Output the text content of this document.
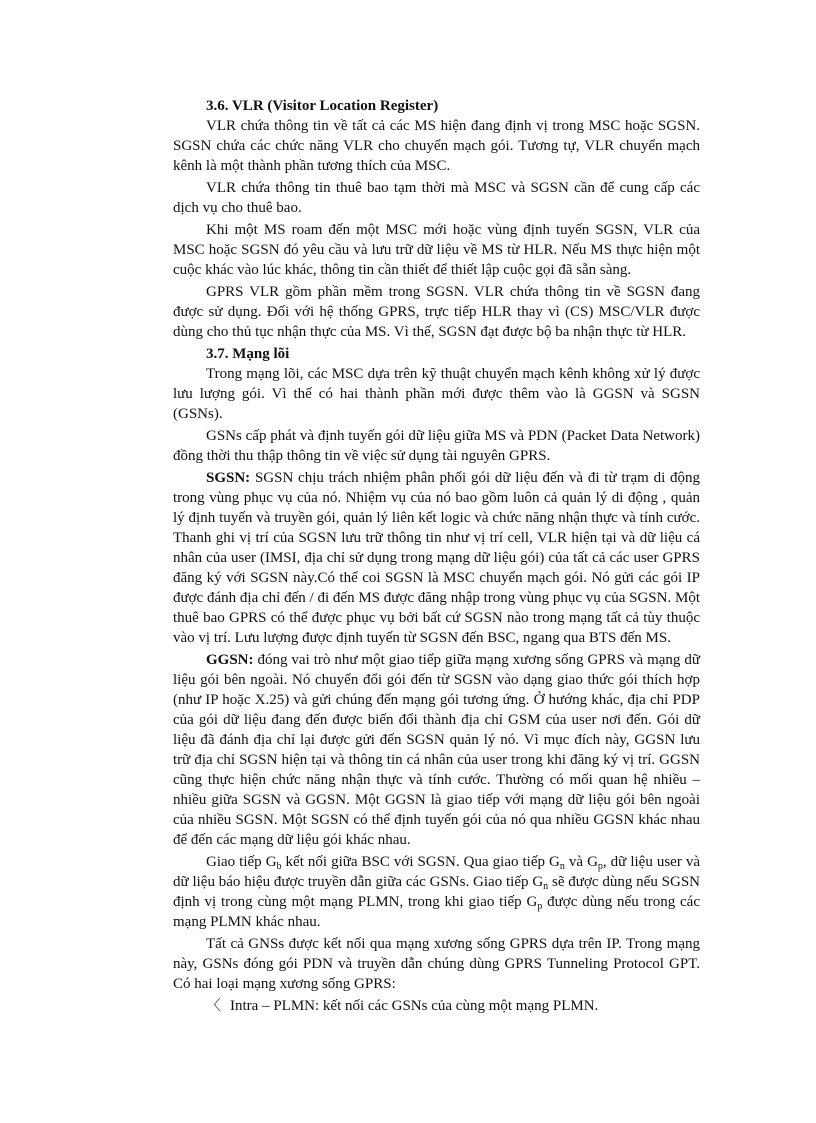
3.6. VLR (Visitor Location Register)

VLR chứa thông tin về tất cả các MS hiện đang định vị trong MSC hoặc SGSN. SGSN chứa các chức năng VLR cho chuyển mạch gói. Tương tự, VLR chuyển mạch kênh là một thành phần tương thích của MSC.

VLR chứa thông tin thuê bao tạm thời mà MSC và SGSN cần để cung cấp các dịch vụ cho thuê bao.

Khi một MS roam đến một MSC mới hoặc vùng định tuyến SGSN, VLR của MSC hoặc SGSN đó yêu cầu và lưu trữ dữ liệu về MS từ HLR. Nếu MS thực hiện một cuộc khác vào lúc khác, thông tin cần thiết để thiết lập cuộc gọi đã sẵn sàng.

GPRS VLR gồm phần mềm trong SGSN. VLR chứa thông tin về SGSN đang được sử dụng. Đối với hệ thống GPRS, trực tiếp HLR thay vì (CS) MSC/VLR được dùng cho thủ tục nhận thực của MS. Vì thế, SGSN đạt được bộ ba nhận thực từ HLR.

3.7. Mạng lõi

Trong mạng lõi, các MSC dựa trên kỹ thuật chuyển mạch kênh không xử lý được lưu lượng gói. Vì thế có hai thành phần mới được thêm vào là GGSN và SGSN (GSNs).

GSNs cấp phát và định tuyến gói dữ liệu giữa MS và PDN (Packet Data Network) đồng thời thu thập thông tin về việc sử dụng tài nguyên GPRS.

SGSN: SGSN chịu trách nhiệm phân phối gói dữ liệu đến và đi từ trạm di động trong vùng phục vụ của nó. Nhiệm vụ của nó bao gồm luôn cả quản lý di động , quản lý định tuyến và truyền gói, quản lý liên kết logic và chức năng nhận thực và tính cước. Thanh ghi vị trí của SGSN lưu trữ thông tin như vị trí cell, VLR hiện tại và dữ liệu cá nhân của user (IMSI, địa chỉ sử dụng trong mạng dữ liệu gói) của tất cả các user GPRS đăng ký với SGSN này.Có thể coi SGSN là MSC chuyển mạch gói. Nó gửi các gói IP được đánh địa chỉ đến / đi đến MS được đăng nhập trong vùng phục vụ của SGSN. Một thuê bao GPRS có thể được phục vụ bởi bất cứ SGSN nào trong mạng tất cả tùy thuộc vào vị trí. Lưu lượng được định tuyến từ SGSN đến BSC, ngang qua BTS đến MS.

GGSN: đóng vai trò như một giao tiếp giữa mạng xương sống GPRS và mạng dữ liệu gói bên ngoài. Nó chuyển đổi gói đến từ SGSN vào dạng giao thức gói thích hợp (như IP hoặc X.25) và gửi chúng đến mạng gói tương ứng. Ở hướng khác, địa chỉ PDP của gói dữ liệu đang đến được biến đổi thành địa chỉ GSM của user nơi đến. Gói dữ liệu đã đánh địa chỉ lại được gửi đến SGSN quản lý nó. Vì mục đích này, GGSN lưu trữ địa chỉ SGSN hiện tại và thông tin cá nhân của user trong khi đăng ký vị trí. GGSN cũng thực hiện chức năng nhận thực và tính cước. Thường có mối quan hệ nhiều – nhiều giữa SGSN và GGSN. Một GGSN là giao tiếp với mạng dữ liệu gói bên ngoài của nhiều SGSN. Một SGSN có thể định tuyến gói của nó qua nhiều GGSN khác nhau để đến các mạng dữ liệu gói khác nhau.

Giao tiếp $G_b$ kết nối giữa BSC với SGSN. Qua giao tiếp $G_n$ và $G_p$, dữ liệu user và dữ liệu báo hiệu được truyền dẫn giữa các GSNs. Giao tiếp $G_n$ sẽ được dùng nếu SGSN định vị trong cùng một mạng PLMN, trong khi giao tiếp $G_p$ được dùng nếu trong các mạng PLMN khác nhau.

Tất cả GNSs được kết nối qua mạng xương sống GPRS dựa trên IP. Trong mạng này, GSNs đóng gói PDN và truyền dẫn chúng dùng GPRS Tunneling Protocol GPT. Có hai loại mạng xương sống GPRS:

〈 Intra – PLMN: kết nối các GSNs của cùng một mạng PLMN.
